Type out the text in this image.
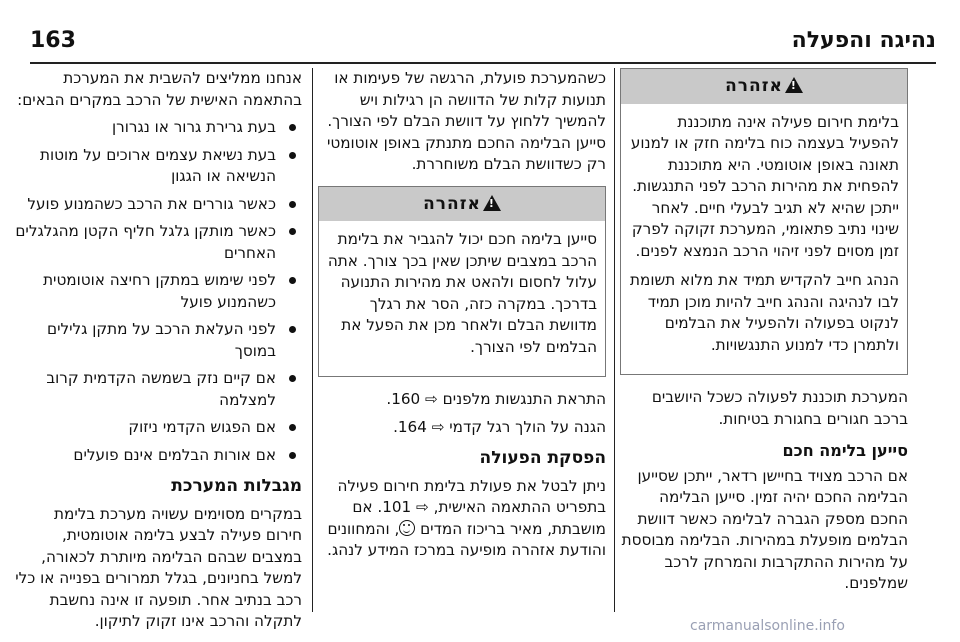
נהיגה והפעלה
163
!אזהרה

בלימת חירום פעילה אינה מתוכננת להפעיל בעצמה כוח בלימה חזק או למנוע תאונה באופן אוטומטי. היא מתוכננת להפחית את מהירות הרכב לפני התנגשות. ייתכן שהיא לא תגיב לבעלי חיים. לאחר שינוי נתיב פתאומי, המערכת זקוקה לפרק זמן מסוים לפני זיהוי הרכב הנמצא לפנים.

הנהג חייב להקדיש תמיד את מלוא תשומת לבו לנהיגה והנהג חייב להיות מוכן תמיד לנקוט בפעולה ולהפעיל את הבלמים ולתמרן כדי למנוע התנגשויות.

המערכת תוכננת לפעולה כשכל היושבים ברכב חגורים בחגורת בטיחות.

סייען בלימה חכם

אם הרכב מצויד בחיישן רדאר, ייתכן שסייען הבלימה החכם יהיה זמין. סייען הבלימה החכם מספק הגברה לבלימה כאשר דוושת הבלמים מופעלת במהירות. הבלימה מבוססת על מהירות ההתקרבות והמרחק לרכב שמלפנים.

כשהמערכת פועלת, הרגשה של פעימות או תנועות קלות של הדוושה הן רגילות ויש להמשיך ללחוץ על דוושת הבלם לפי הצורך. סייען הבלימה החכם מתנתק באופן אוטומטי רק כשדוושת הבלם משוחררת.

!אזהרה

סייען בלימה חכם יכול להגביר את בלימת הרכב במצבים שיתכן שאין בכך צורך. אתה עלול לחסום ולהאט את מהירות התנועה בדרכך. במקרה כזה, הסר את רגלך מדוושת הבלם ולאחר מכן את הפעל את הבלמים לפי הצורך.

התראת התנגשות מלפנים ⇨ 160.

הגנה על הולך רגל קדמי ⇨ 164.

הפסקת הפעולה

ניתן לבטל את פעולת בלימת חירום פעילה בתפריט ההתאמה האישית, ⇨ 101. אם מושבתת, מאיר בריכוז המדים , והמחוונים והודעת אזהרה מופיעה במרכז המידע לנהג.

אנחנו ממליצים להשבית את המערכת בהתאמה האישית של הרכב במקרים הבאים:

בעת גרירת גרור או נגרורן
בעת נשיאת עצמים ארוכים על מוטות הנשיאה או הגגון
כאשר גוררים את הרכב כשהמנוע פועל
כאשר מותקן גלגל חליף הקטן מהגלגלים האחרים
לפני שימוש במתקן רחיצה אוטומטית כשהמנוע פועל
לפני העלאת הרכב על מתקן גלילים במוסך
אם קיים נזק בשמשה הקדמית קרוב למצלמה
אם הפגוש הקדמי ניזוק
אם אורות הבלמים אינם פועלים
מגבלות המערכת

במקרים מסוימים עשויה מערכת בלימת חירום פעילה לבצע בלימה אוטומטית, במצבים שבהם הבלימה מיותרת לכאורה, למשל בחניונים, בגלל תמרורים בפנייה או כלי רכב בנתיב אחר. תופעה זו אינה נחשבת לתקלה והרכב אינו זקוק לתיקון.	carmanualsonline.info
